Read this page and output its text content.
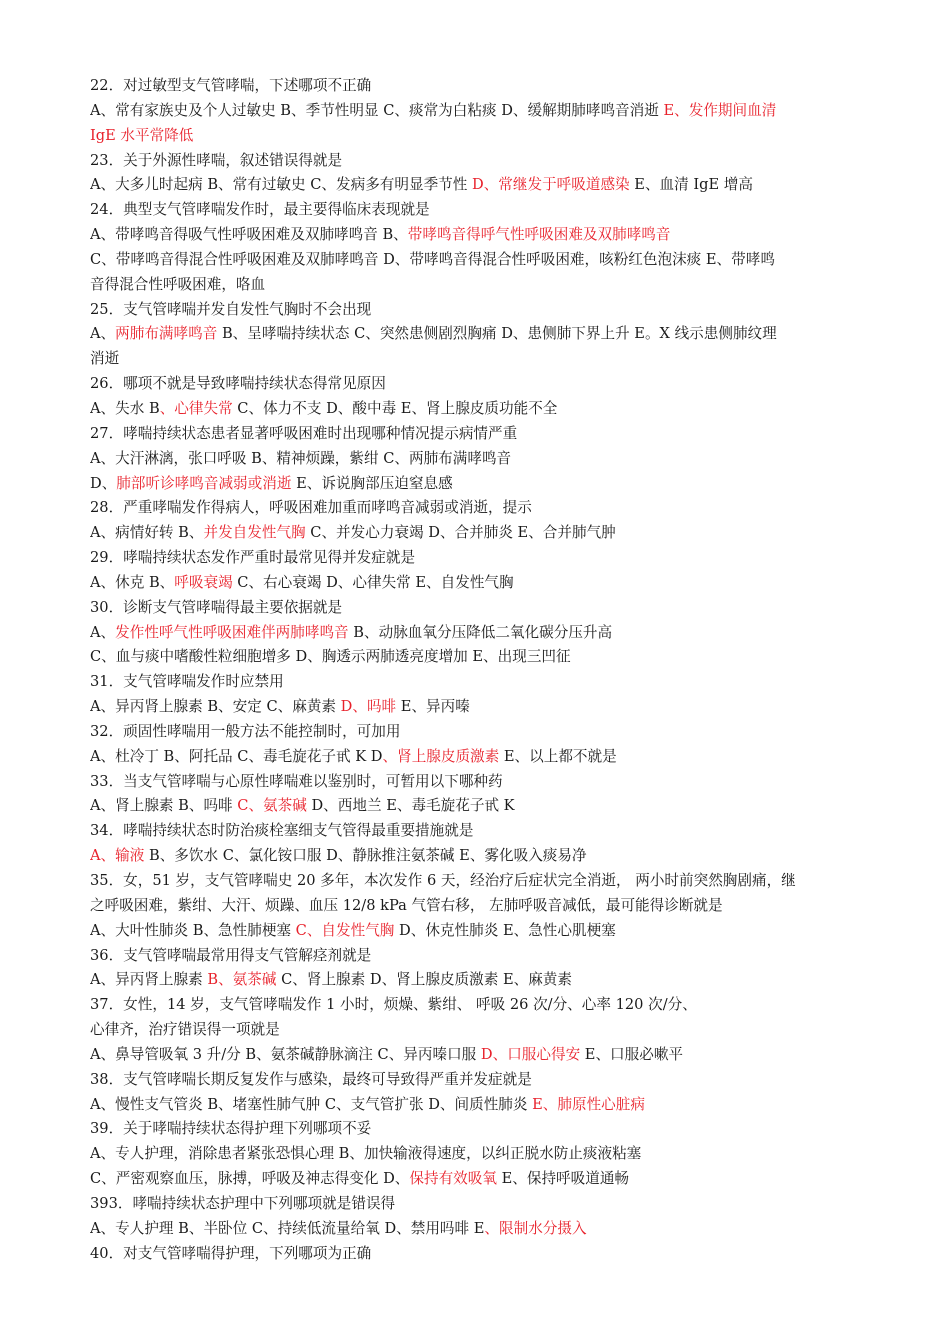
22．对过敏型支气管哮喘，下述哪项不正确
A、常有家族史及个人过敏史 B、季节性明显 C、痰常为白粘痰 D、缓解期肺哮鸣音消逝 E、发作期间血清
IgE 水平常降低
23．关于外源性哮喘，叙述错误得就是
A、大多儿时起病 B、常有过敏史 C、发病多有明显季节性 D、常继发于呼吸道感染 E、血清 IgE 增高
24．典型支气管哮喘发作时，最主要得临床表现就是
A、带哮鸣音得吸气性呼吸困难及双肺哮鸣音 B、带哮鸣音得呼气性呼吸困难及双肺哮鸣音
C、带哮鸣音得混合性呼吸困难及双肺哮鸣音 D、带哮鸣音得混合性呼吸困难，咳粉红色泡沫痰 E、带哮鸣
音得混合性呼吸困难，咯血
25．支气管哮喘并发自发性气胸时不会出现
A、两肺布满哮鸣音 B、呈哮喘持续状态 C、突然患侧剧烈胸痛 D、患侧肺下界上升 E。X 线示患侧肺纹理
消逝
26．哪项不就是导致哮喘持续状态得常见原因
A、失水 B、心律失常 C、体力不支 D、酸中毒 E、肾上腺皮质功能不全
27．哮喘持续状态患者显著呼吸困难时出现哪种情况提示病情严重
A、大汗淋漓，张口呼吸 B、精神烦躁，紫绀 C、两肺布满哮鸣音
D、肺部听诊哮鸣音减弱或消逝 E、诉说胸部压迫窒息感
28．严重哮喘发作得病人，呼吸困难加重而哮鸣音减弱或消逝，提示
A、病情好转 B、并发自发性气胸 C、并发心力衰竭 D、合并肺炎 E、合并肺气肿
29．哮喘持续状态发作严重时最常见得并发症就是
A、休克 B、呼吸衰竭 C、右心衰竭 D、心律失常 E、自发性气胸
30．诊断支气管哮喘得最主要依据就是
A、发作性呼气性呼吸困难伴两肺哮鸣音 B、动脉血氧分压降低二氧化碳分压升高
C、血与痰中嗜酸性粒细胞增多 D、胸透示两肺透亮度增加 E、出现三凹征
31．支气管哮喘发作时应禁用
A、异丙肾上腺素 B、安定 C、麻黄素 D、吗啡 E、异丙嗪
32．顽固性哮喘用一般方法不能控制时，可加用
A、杜冷丁 B、阿托品 C、毒毛旋花子甙 K D、肾上腺皮质激素 E、以上都不就是
33．当支气管哮喘与心原性哮喘难以鉴别时，可暂用以下哪种药
A、肾上腺素 B、吗啡 C、氨茶碱 D、西地兰 E、毒毛旋花子甙 K
34．哮喘持续状态时防治痰栓塞细支气管得最重要措施就是
A、输液 B、多饮水 C、氯化铵口服 D、静脉推注氨茶碱 E、雾化吸入痰易净
35．女，51 岁，支气管哮喘史 20 多年，本次发作 6 天，经治疗后症状完全消逝， 两小时前突然胸剧痛，继
之呼吸困难，紫绀、大汗、烦躁、血压 12/8 kPa 气管右移， 左肺呼吸音减低，最可能得诊断就是
A、大叶性肺炎 B、急性肺梗塞 C、自发性气胸 D、休克性肺炎 E、急性心肌梗塞
36．支气管哮喘最常用得支气管解痉剂就是
A、异丙肾上腺素 B、氨茶碱 C、肾上腺素 D、肾上腺皮质激素 E、麻黄素
37．女性，14 岁，支气管哮喘发作 1 小时，烦燥、紫绀、 呼吸 26 次/分、心率 120 次/分、
心律齐，治疗错误得一项就是
A、鼻导管吸氧 3 升/分 B、氨茶碱静脉滴注 C、异丙嗪口服 D、口服心得安 E、口服必嗽平
38．支气管哮喘长期反复发作与感染，最终可导致得严重并发症就是
A、慢性支气管炎 B、堵塞性肺气肿 C、支气管扩张 D、间质性肺炎 E、肺原性心脏病
39．关于哮喘持续状态得护理下列哪项不妥
A、专人护理，消除患者紧张恐惧心理 B、加快输液得速度，以纠正脱水防止痰液粘塞
C、严密观察血压，脉搏，呼吸及神志得变化 D、保持有效吸氧 E、保持呼吸道通畅
393．哮喘持续状态护理中下列哪项就是错误得
A、专人护理 B、半卧位 C、持续低流量给氧 D、禁用吗啡 E、限制水分摄入
40．对支气管哮喘得护理，下列哪项为正确
